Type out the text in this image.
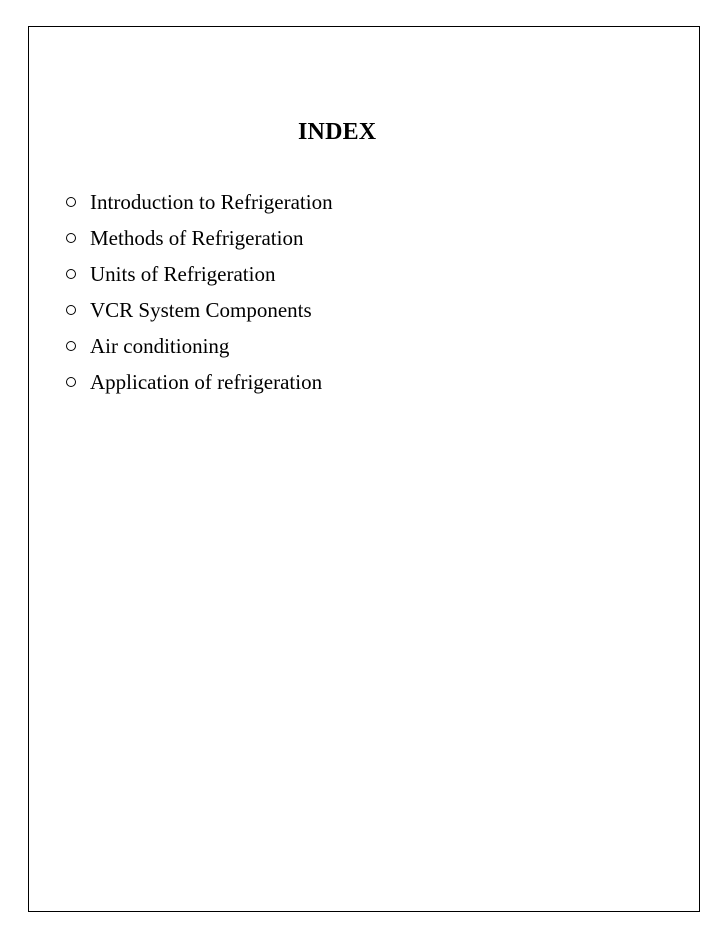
INDEX
Introduction to Refrigeration
Methods of Refrigeration
Units of Refrigeration
VCR System Components
Air conditioning
Application of refrigeration
